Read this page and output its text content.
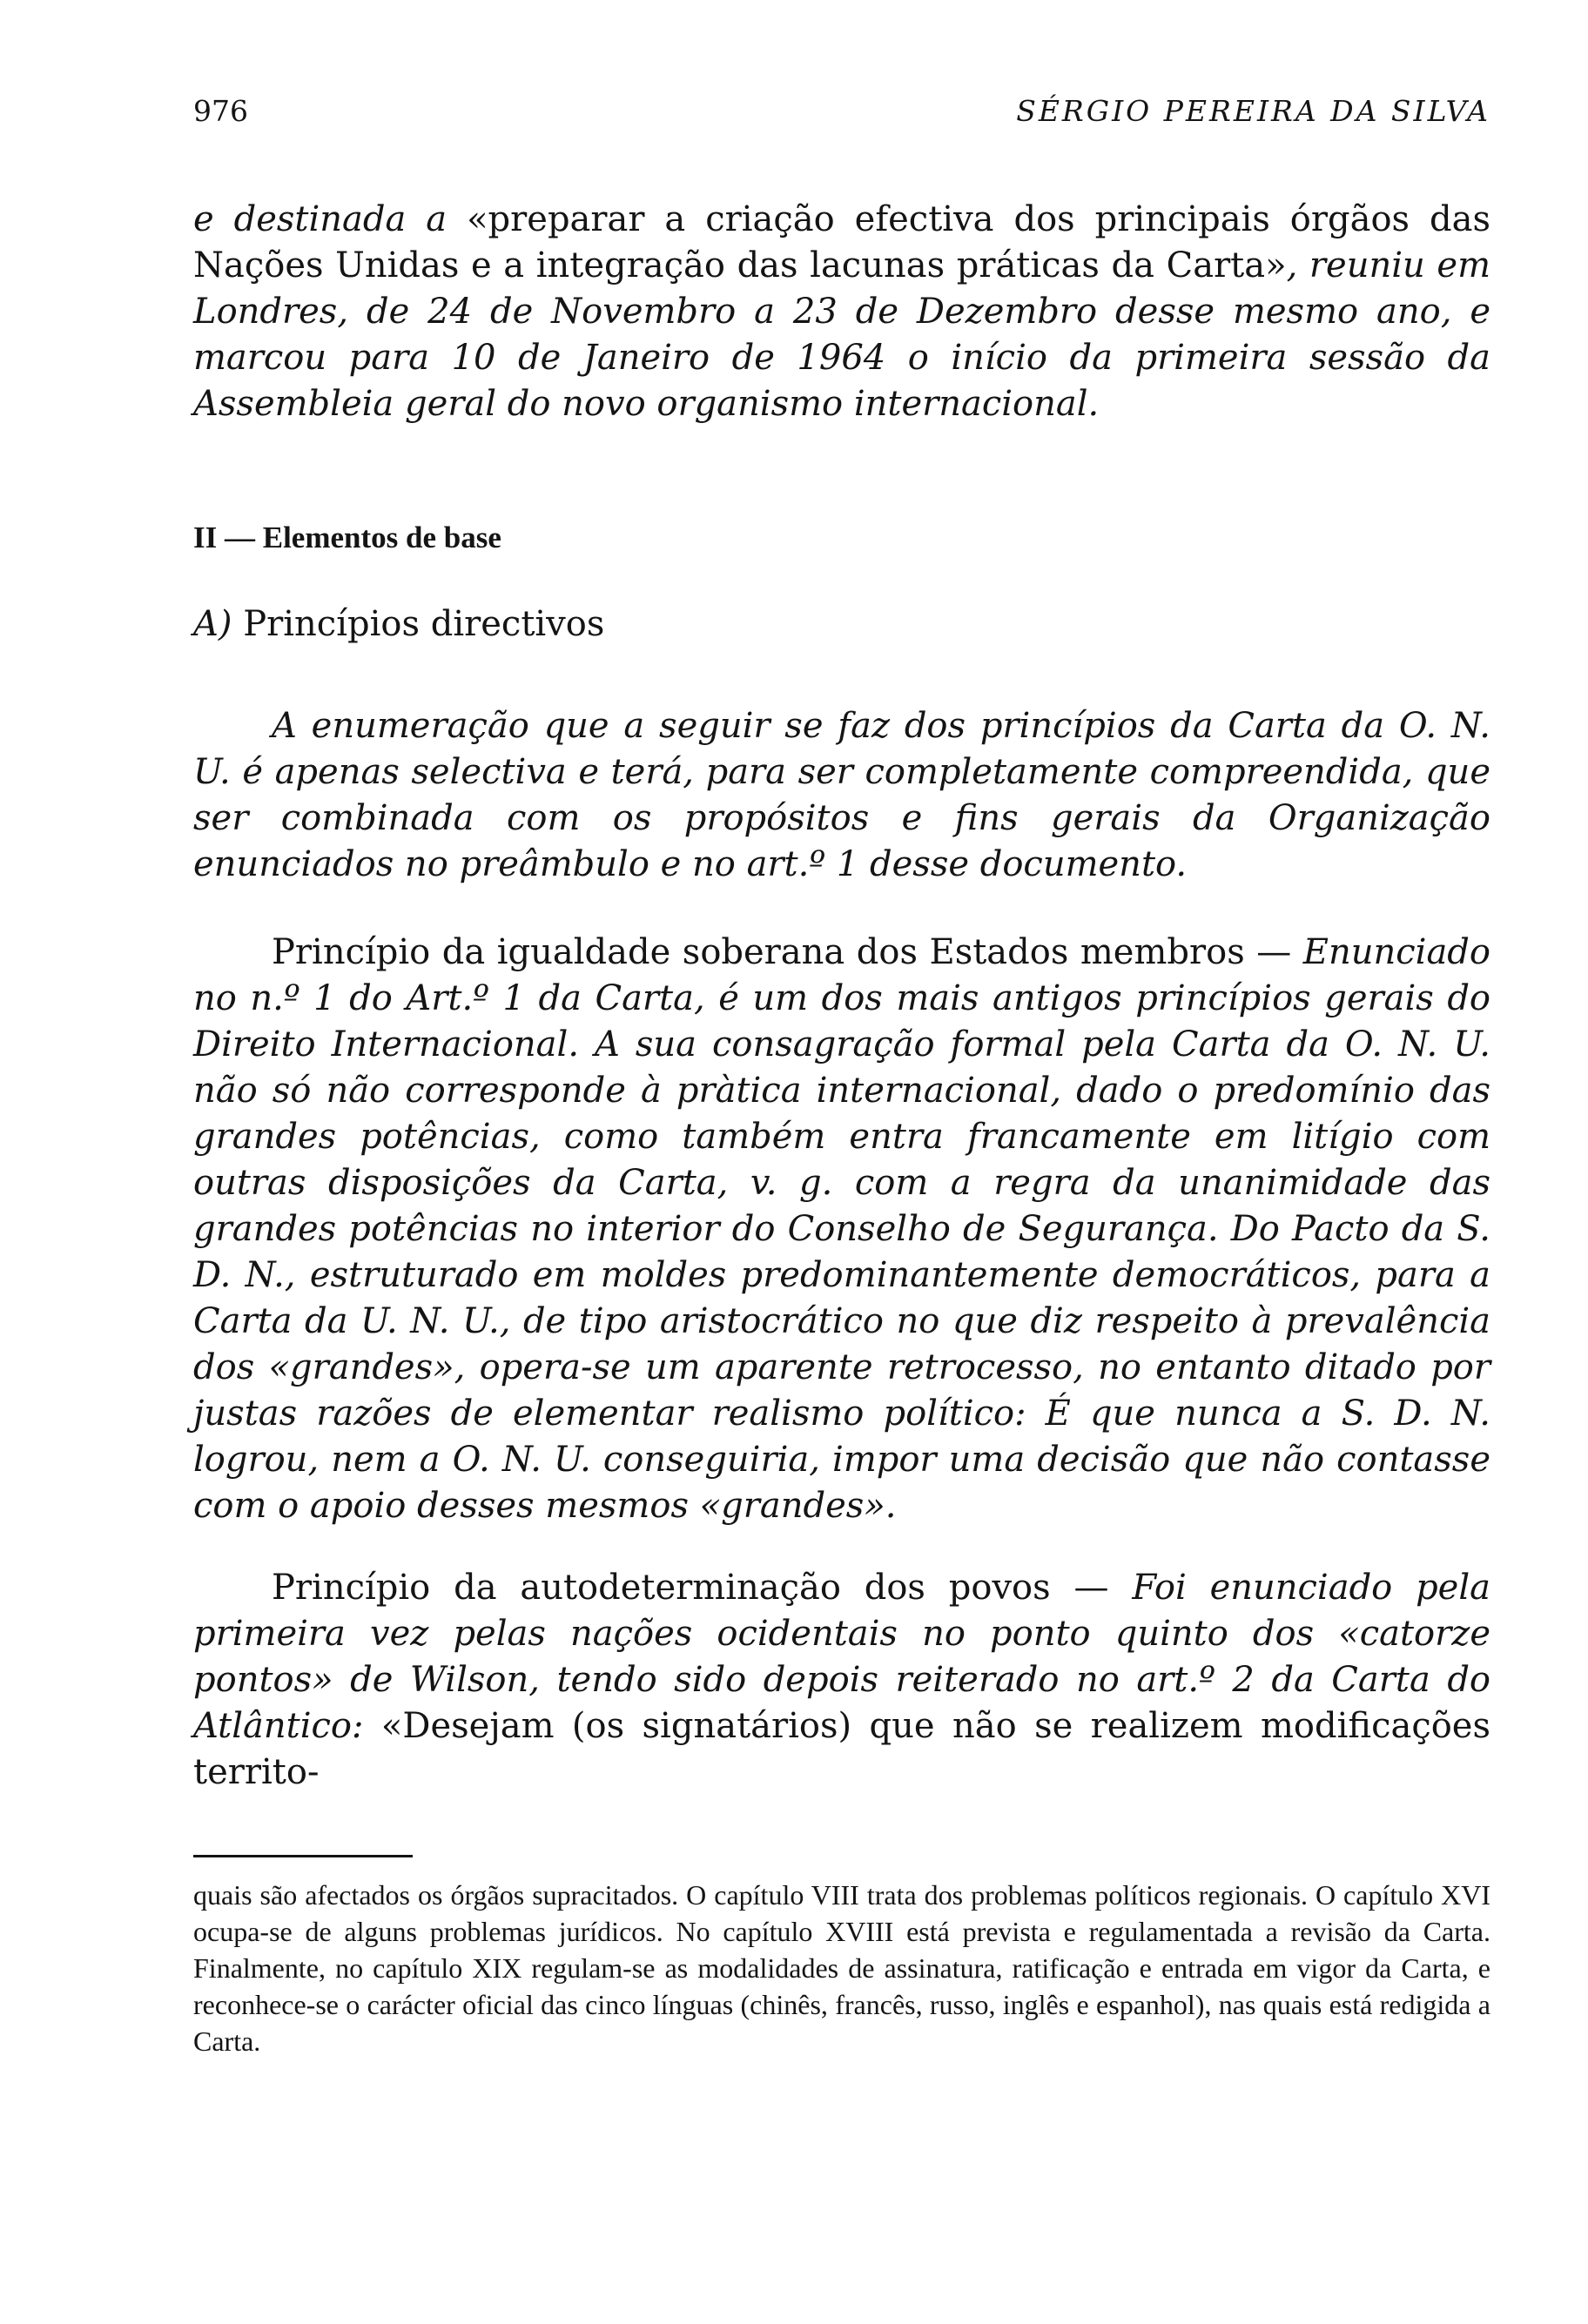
976	SÉRGIO PEREIRA DA SILVA

e destinada a «preparar a criação efectiva dos principais órgãos das Nações Unidas e a integração das lacunas práticas da Carta», reuniu em Londres, de 24 de Novembro a 23 de Dezembro desse mesmo ano, e marcou para 10 de Janeiro de 1964 o início da primeira sessão da Assembleia geral do novo organismo internacional.

II — Elementos de base
A) Princípios directivos

A enumeração que a seguir se faz dos princípios da Carta da O. N. U. é apenas selectiva e terá, para ser completamente compreendida, que ser combinada com os propósitos e fins gerais da Organização enunciados no preâmbulo e no art.º 1 desse documento.

Princípio da igualdade soberana dos Estados membros — Enunciado no n.º 1 do Art.º 1 da Carta, é um dos mais antigos princípios gerais do Direito Internacional. A sua consagração formal pela Carta da O. N. U. não só não corresponde à pràtica internacional, dado o predomínio das grandes potências, como também entra francamente em litígio com outras disposições da Carta, v. g. com a regra da unanimidade das grandes potências no interior do Conselho de Segurança. Do Pacto da S. D. N., estruturado em moldes predominantemente democráticos, para a Carta da U. N. U., de tipo aristocrático no que diz respeito à prevalência dos «grandes», opera-se um aparente retrocesso, no entanto ditado por justas razões de elementar realismo político: É que nunca a S. D. N. logrou, nem a O. N. U. conseguiria, impor uma decisão que não contasse com o apoio desses mesmos «grandes».

Princípio da autodeterminação dos povos — Foi enunciado pela primeira vez pelas nações ocidentais no ponto quinto dos «catorze pontos» de Wilson, tendo sido depois reiterado no art.º 2 da Carta do Atlântico: «Desejam (os signatários) que não se realizem modificações territo-

quais são afectados os órgãos supracitados. O capítulo VIII trata dos problemas políticos regionais. O capítulo XVI ocupa-se de alguns problemas jurídicos. No capítulo XVIII está prevista e regulamentada a revisão da Carta. Finalmente, no capítulo XIX regulam-se as modalidades de assinatura, ratificação e entrada em vigor da Carta, e reconhece-se o carácter oficial das cinco línguas (chinês, francês, russo, inglês e espanhol), nas quais está redigida a Carta.
